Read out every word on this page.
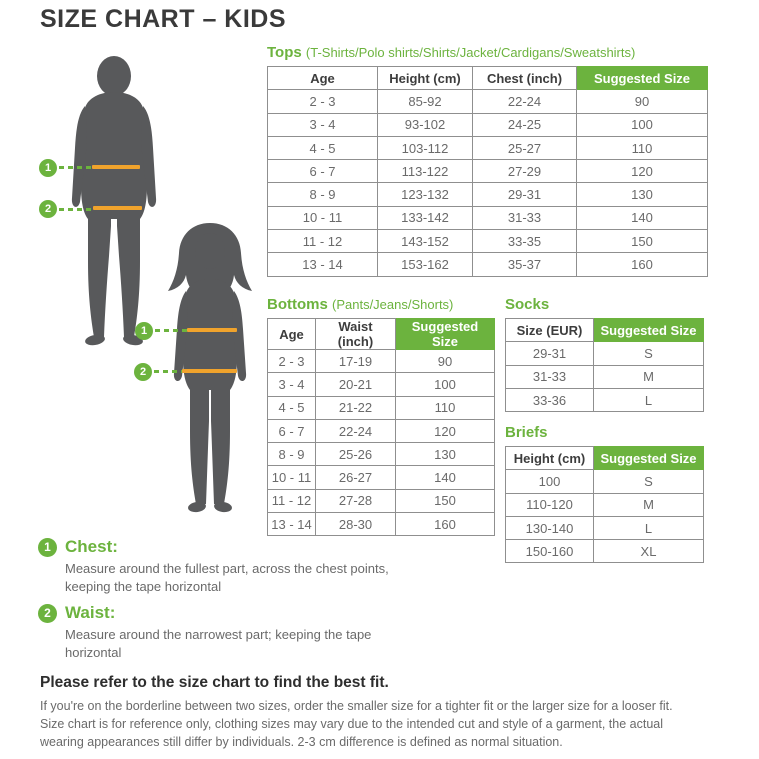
SIZE CHART – KIDS
1
2
1
2
Tops (T-Shirts/Polo shirts/Shirts/Jacket/Cardigans/Sweatshirts)
Age	Height (cm)	Chest (inch)	Suggested Size
2 - 3	85-92	22-24	90
3 - 4	93-102	24-25	100
4 - 5	103-112	25-27	110
6 - 7	113-122	27-29	120
8 - 9	123-132	29-31	130
10 - 11	133-142	31-33	140
11 - 12	143-152	33-35	150
13 - 14	153-162	35-37	160
Bottoms (Pants/Jeans/Shorts)
Age	Waist (inch)	Suggested Size
2 - 3	17-19	90
3 - 4	20-21	100
4 - 5	21-22	110
6 - 7	22-24	120
8 - 9	25-26	130
10 - 11	26-27	140
11 - 12	27-28	150
13 - 14	28-30	160
Socks
Size (EUR)	Suggested Size
29-31	S
31-33	M
33-36	L
Briefs
Height (cm)	Suggested Size
100	S
110-120	M
130-140	L
150-160	XL
1 Chest:
Measure around the fullest part, across the chest points, keeping the tape horizontal
2 Waist:
Measure around the narrowest part; keeping the tape horizontal
Please refer to the size chart to find the best fit.
If you're on the borderline between two sizes, order the smaller size for a tighter fit or the larger size for a looser fit.
Size chart is for reference only, clothing sizes may vary due to the intended cut and style of a garment, the actual wearing appearances still differ by individuals. 2-3 cm difference is defined as normal situation.
